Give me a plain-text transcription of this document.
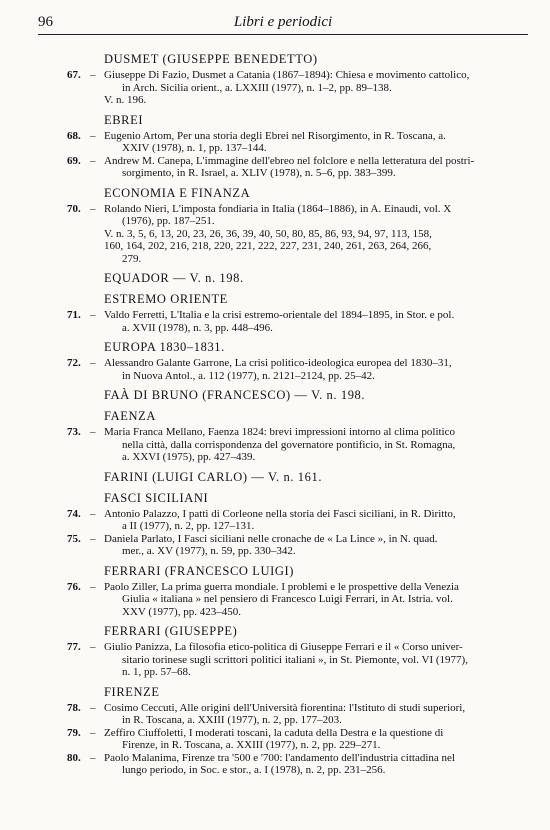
96	Libri e periodici
DUSMET (GIUSEPPE BENEDETTO)
67. – Giuseppe Di Fazio, Dusmet a Catania (1867–1894): Chiesa e movimento cattolico,
in Arch. Sicilia orient., a. LXXIII (1977), n. 1–2, pp. 89–138.
V. n. 196.
EBREI
68. – Eugenio Artom, Per una storia degli Ebrei nel Risorgimento, in R. Toscana, a.
XXIV (1978), n. 1, pp. 137–144.
69. – Andrew M. Canepa, L'immagine dell'ebreo nel folclore e nella letteratura del postri-
sorgimento, in R. Israel, a. XLIV (1978), n. 5–6, pp. 383–399.
ECONOMIA E FINANZA
70. – Rolando Nieri, L'imposta fondiaria in Italia (1864–1886), in A. Einaudi, vol. X
(1976), pp. 187–251.
V. n. 3, 5, 6, 13, 20, 23, 26, 36, 39, 40, 50, 80, 85, 86, 93, 94, 97, 113, 158,
160, 164, 202, 216, 218, 220, 221, 222, 227, 231, 240, 261, 263, 264, 266,
279.
EQUADOR — V. n. 198.
ESTREMO ORIENTE
71. – Valdo Ferretti, L'Italia e la crisi estremo-orientale del 1894–1895, in Stor. e pol.
a. XVII (1978), n. 3, pp. 448–496.
EUROPA 1830–1831.
72. – Alessandro Galante Garrone, La crisi politico-ideologica europea del 1830–31,
in Nuova Antol., a. 112 (1977), n. 2121–2124, pp. 25–42.
FAÀ DI BRUNO (FRANCESCO) — V. n. 198.
FAENZA
73. – Maria Franca Mellano, Faenza 1824: brevi impressioni intorno al clima politico
nella città, dalla corrispondenza del governatore pontificio, in St. Romagna,
a. XXVI (1975), pp. 427–439.
FARINI (LUIGI CARLO) — V. n. 161.
FASCI SICILIANI
74. – Antonio Palazzo, I patti di Corleone nella storia dei Fasci siciliani, in R. Diritto,
a II (1977), n. 2, pp. 127–131.
75. – Daniela Parlato, I Fasci siciliani nelle cronache de « La Lince », in N. quad.
mer., a. XV (1977), n. 59, pp. 330–342.
FERRARI (FRANCESCO LUIGI)
76. – Paolo Ziller, La prima guerra mondiale. I problemi e le prospettive della Venezia
Giulia « italiana » nel pensiero di Francesco Luigi Ferrari, in At. Istria. vol.
XXV (1977), pp. 423–450.
FERRARI (GIUSEPPE)
77. – Giulio Panizza, La filosofia etico-politica di Giuseppe Ferrari e il « Corso univer-
sitario torinese sugli scrittori politici italiani », in St. Piemonte, vol. VI (1977),
n. 1, pp. 57–68.
FIRENZE
78. – Cosimo Ceccuti, Alle origini dell'Università fiorentina: l'Istituto di studi superiori,
in R. Toscana, a. XXIII (1977), n. 2, pp. 177–203.
79. – Zeffiro Ciuffoletti, I moderati toscani, la caduta della Destra e la questione di
Firenze, in R. Toscana, a. XXIII (1977), n. 2, pp. 229–271.
80. – Paolo Malanima, Firenze tra '500 e '700: l'andamento dell'industria cittadina nel
lungo periodo, in Soc. e stor., a. I (1978), n. 2, pp. 231–256.
